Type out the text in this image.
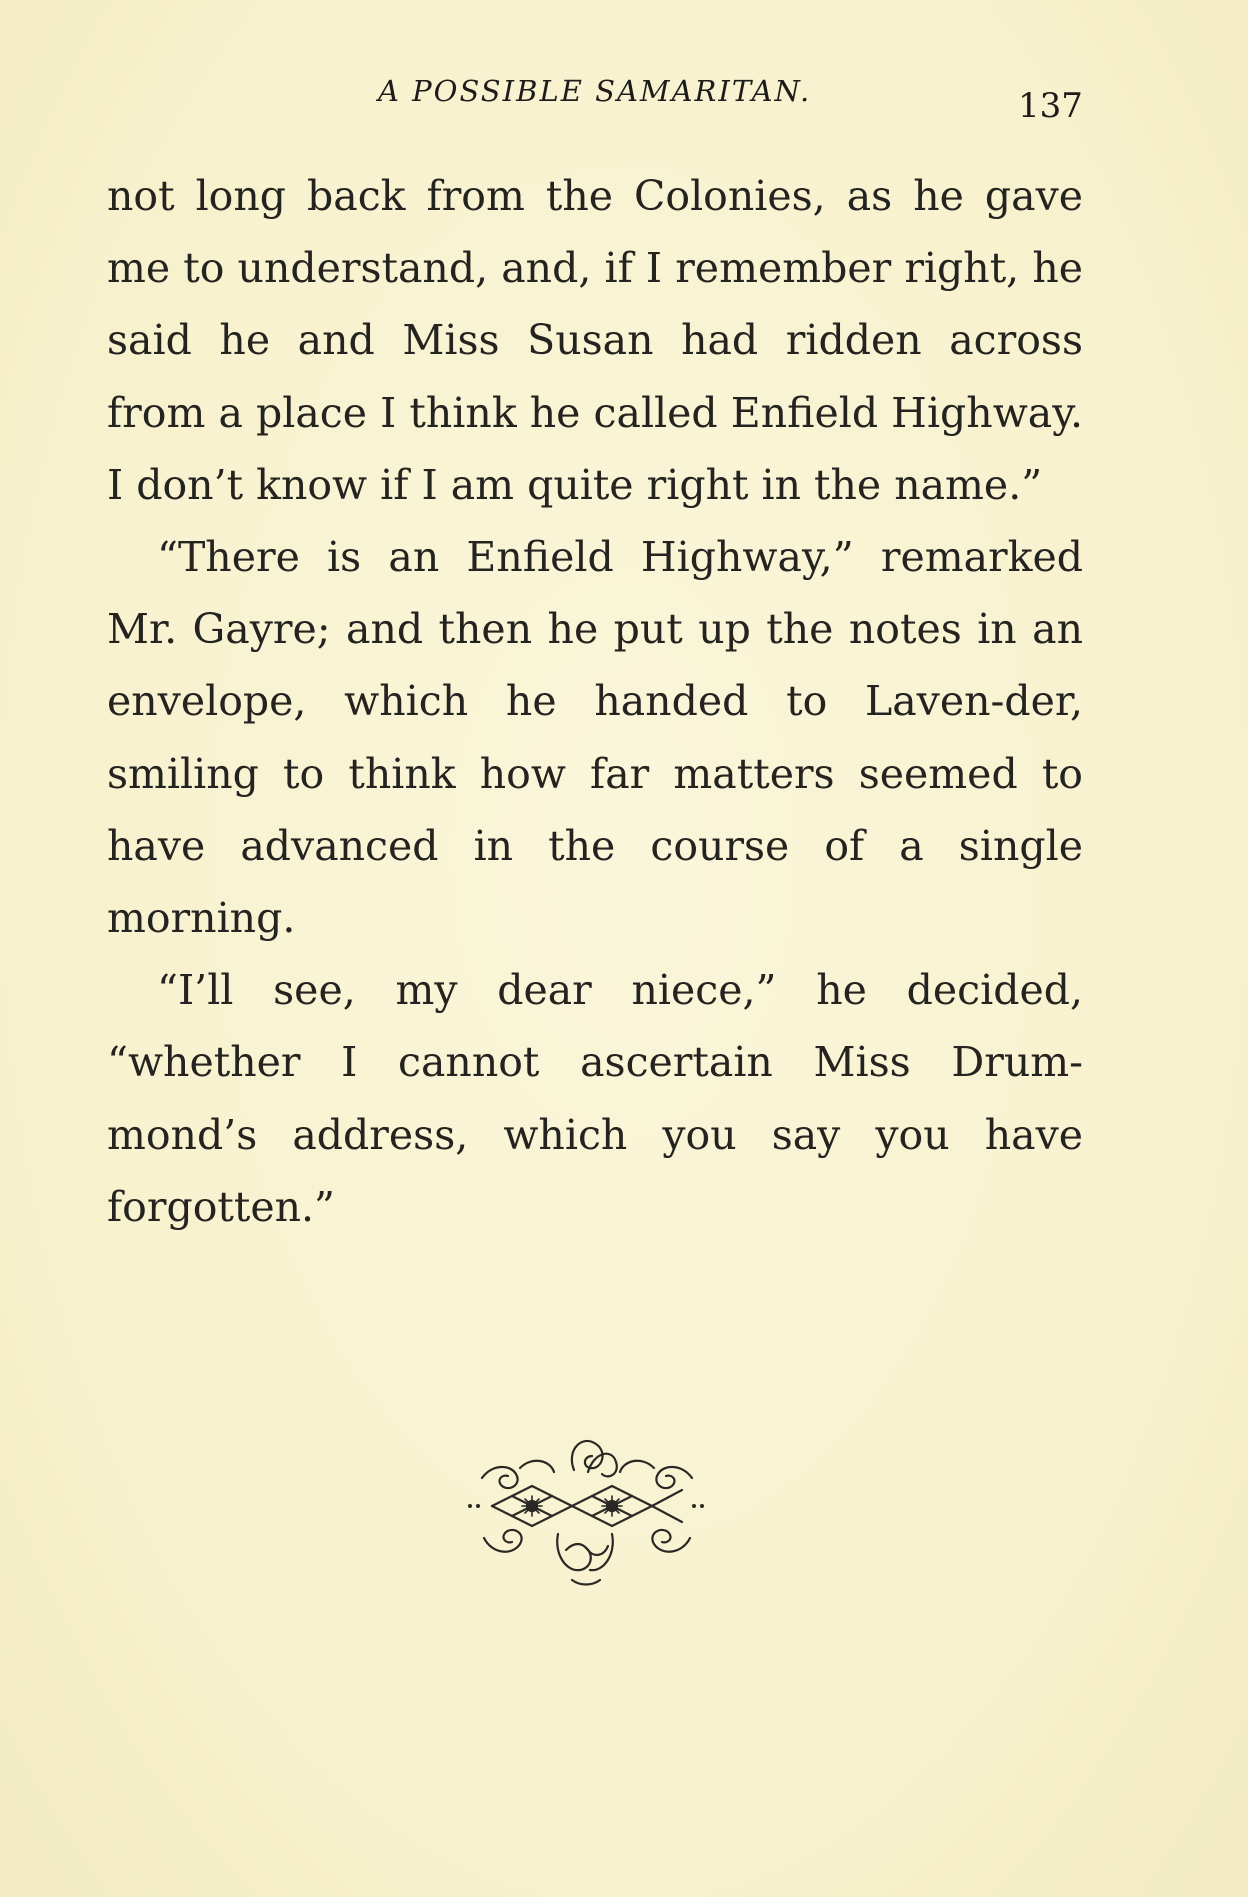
A POSSIBLE SAMARITAN.	137

not long back from the Colonies, as he gave me to understand, and, if I remember right, he said he and Miss Susan had ridden across from a place I think he called Enfield Highway. I don’t know if I am quite right in the name.”

“There is an Enfield Highway,” remarked Mr. Gayre; and then he put up the notes in an envelope, which he handed to Laven-der, smiling to think how far matters seemed to have advanced in the course of a single morning.

“I’ll see, my dear niece,” he decided, “whether I cannot ascertain Miss Drum-mond’s address, which you say you have forgotten.”
